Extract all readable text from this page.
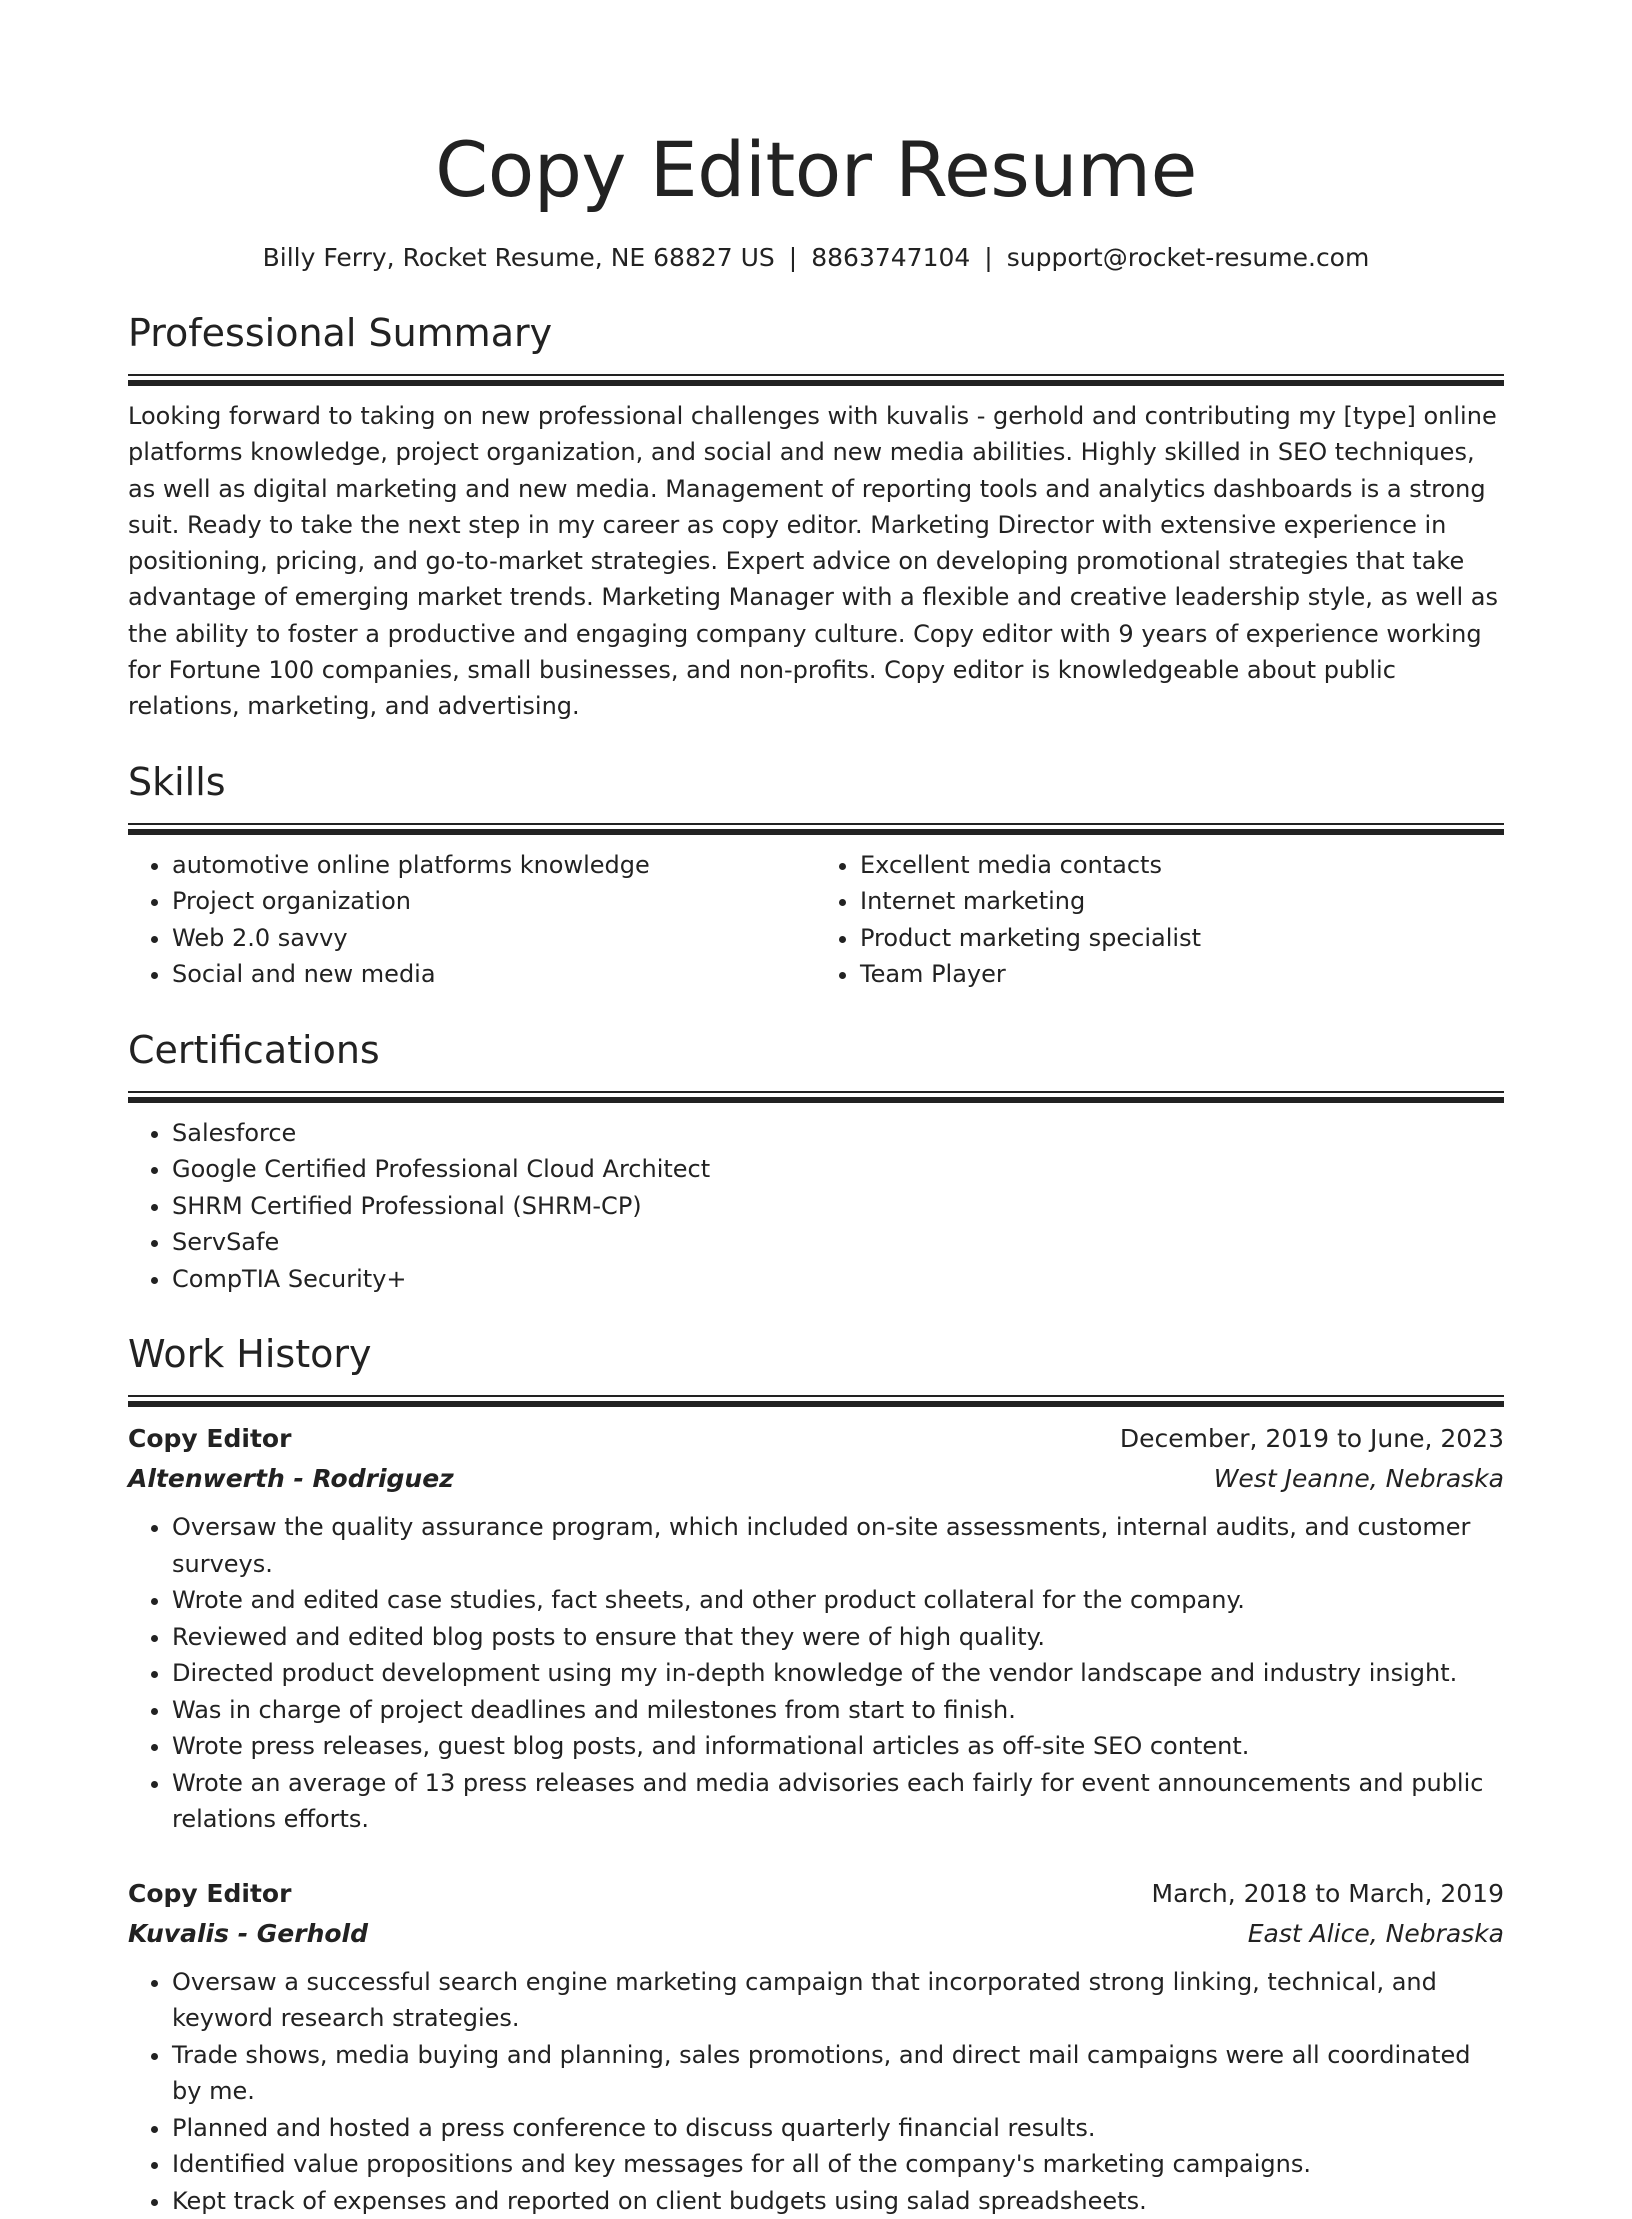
Copy Editor Resume
Billy Ferry, Rocket Resume, NE 68827 US | 8863747104 | support@rocket-resume.com
Professional Summary
Looking forward to taking on new professional challenges with kuvalis - gerhold and contributing my [type] online platforms knowledge, project organization, and social and new media abilities. Highly skilled in SEO techniques, as well as digital marketing and new media. Management of reporting tools and analytics dashboards is a strong suit. Ready to take the next step in my career as copy editor. Marketing Director with extensive experience in positioning, pricing, and go-to-market strategies. Expert advice on developing promotional strategies that take advantage of emerging market trends. Marketing Manager with a flexible and creative leadership style, as well as the ability to foster a productive and engaging company culture. Copy editor with 9 years of experience working for Fortune 100 companies, small businesses, and non-profits. Copy editor is knowledgeable about public relations, marketing, and advertising.
Skills
• automotive online platforms knowledge
• Project organization
• Web 2.0 savvy
• Social and new media
• Excellent media contacts
• Internet marketing
• Product marketing specialist
• Team Player
Certifications
• Salesforce
• Google Certified Professional Cloud Architect
• SHRM Certified Professional (SHRM-CP)
• ServSafe
• CompTIA Security+
Work History
Copy Editor	December, 2019 to June, 2023
Altenwerth - Rodriguez	West Jeanne, Nebraska
• Oversaw the quality assurance program, which included on-site assessments, internal audits, and customer surveys.
• Wrote and edited case studies, fact sheets, and other product collateral for the company.
• Reviewed and edited blog posts to ensure that they were of high quality.
• Directed product development using my in-depth knowledge of the vendor landscape and industry insight.
• Was in charge of project deadlines and milestones from start to finish.
• Wrote press releases, guest blog posts, and informational articles as off-site SEO content.
• Wrote an average of 13 press releases and media advisories each fairly for event announcements and public relations efforts.
Copy Editor	March, 2018 to March, 2019
Kuvalis - Gerhold	East Alice, Nebraska
• Oversaw a successful search engine marketing campaign that incorporated strong linking, technical, and keyword research strategies.
• Trade shows, media buying and planning, sales promotions, and direct mail campaigns were all coordinated by me.
• Planned and hosted a press conference to discuss quarterly financial results.
• Identified value propositions and key messages for all of the company's marketing campaigns.
• Kept track of expenses and reported on client budgets using salad spreadsheets.
